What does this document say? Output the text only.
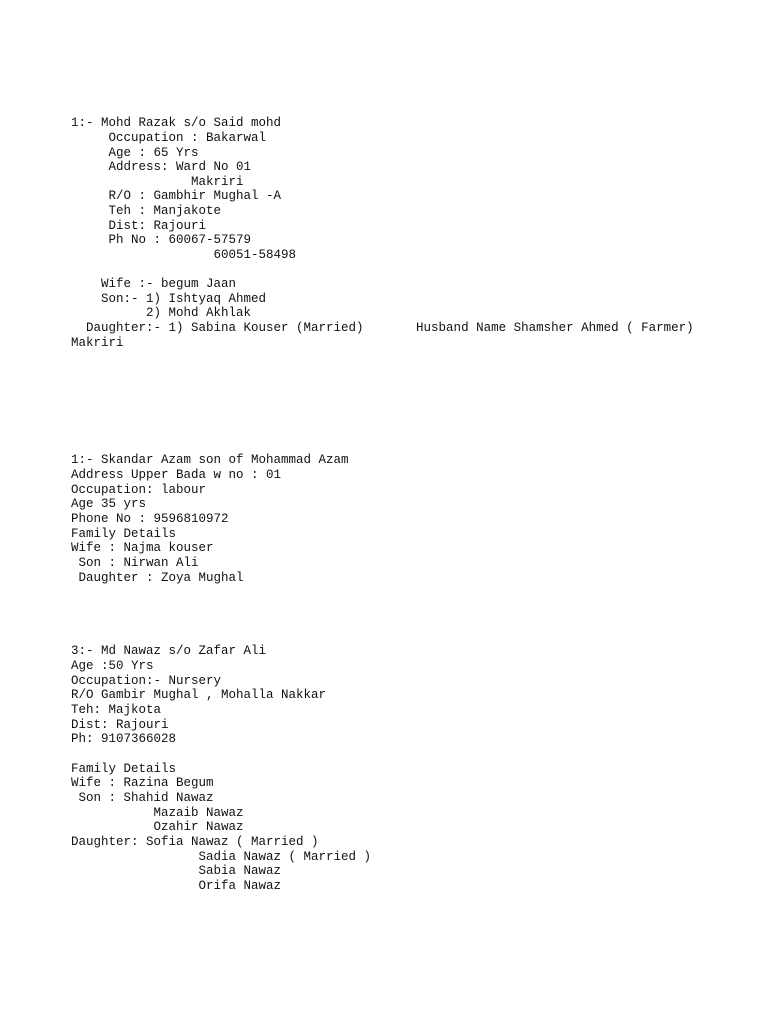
1:- Mohd Razak s/o Said mohd

Occupation : Bakarwal

Age : 65 Yrs

Address: Ward No 01

Makriri

R/O : Gambhir Mughal -A

Teh : Manjakote

Dist: Rajouri

Ph No : 60067-57579

60051-58498

Wife :- begum Jaan

Son:- 1) Ishtyaq Ahmed

2) Mohd Akhlak

Daughter:- 1) Sabina Kouser (Married)       Husband Name Shamsher Ahmed ( Farmer)

Makriri

1:- Skandar Azam son of Mohammad Azam

Address Upper Bada w no : 01

Occupation: labour

Age 35 yrs

Phone No : 9596810972

Family Details

Wife : Najma kouser

Son : Nirwan Ali

Daughter : Zoya Mughal

3:- Md Nawaz s/o Zafar Ali

Age :50 Yrs

Occupation:- Nursery

R/O Gambir Mughal , Mohalla Nakkar

Teh: Majkota

Dist: Rajouri

Ph: 9107366028

Family Details

Wife : Razina Begum

Son : Shahid Nawaz

Mazaib Nawaz

Ozahir Nawaz

Daughter: Sofia Nawaz ( Married )

Sadia Nawaz ( Married )

Sabia Nawaz

Orifa Nawaz
